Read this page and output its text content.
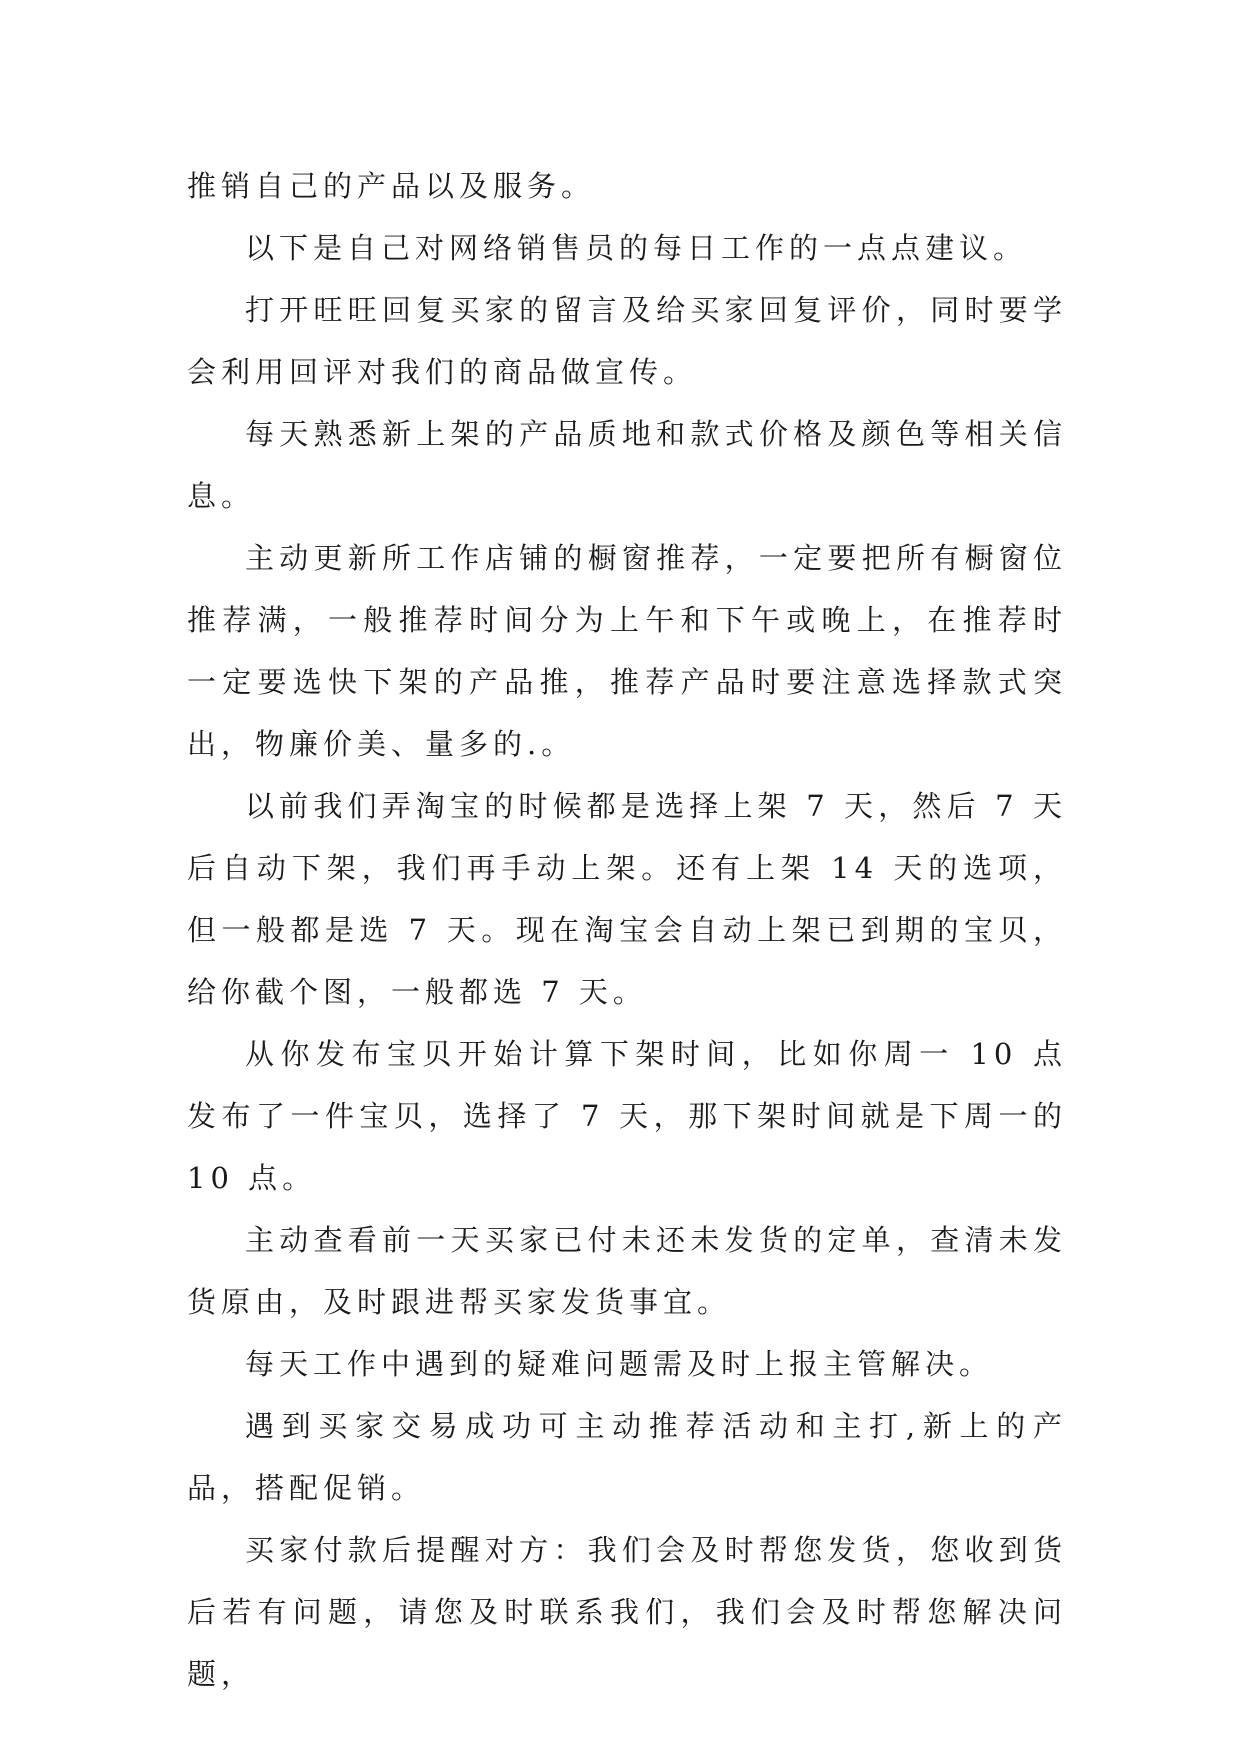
推销自己的产品以及服务。

以下是自己对网络销售员的每日工作的一点点建议。

打开旺旺回复买家的留言及给买家回复评价，同时要学会利用回评对我们的商品做宣传。

每天熟悉新上架的产品质地和款式价格及颜色等相关信息。

主动更新所工作店铺的橱窗推荐，一定要把所有橱窗位推荐满，一般推荐时间分为上午和下午或晚上，在推荐时一定要选快下架的产品推，推荐产品时要注意选择款式突出，物廉价美、量多的.。

以前我们弄淘宝的时候都是选择上架 7 天，然后 7 天后自动下架，我们再手动上架。还有上架 14 天的选项，但一般都是选 7 天。现在淘宝会自动上架已到期的宝贝，给你截个图，一般都选 7 天。

从你发布宝贝开始计算下架时间，比如你周一 10 点发布了一件宝贝，选择了 7 天，那下架时间就是下周一的 10 点。

主动查看前一天买家已付未还未发货的定单，查清未发货原由，及时跟进帮买家发货事宜。

每天工作中遇到的疑难问题需及时上报主管解决。

遇到买家交易成功可主动推荐活动和主打,新上的产品，搭配促销。

买家付款后提醒对方：我们会及时帮您发货，您收到货后若有问题，请您及时联系我们，我们会及时帮您解决问题，
